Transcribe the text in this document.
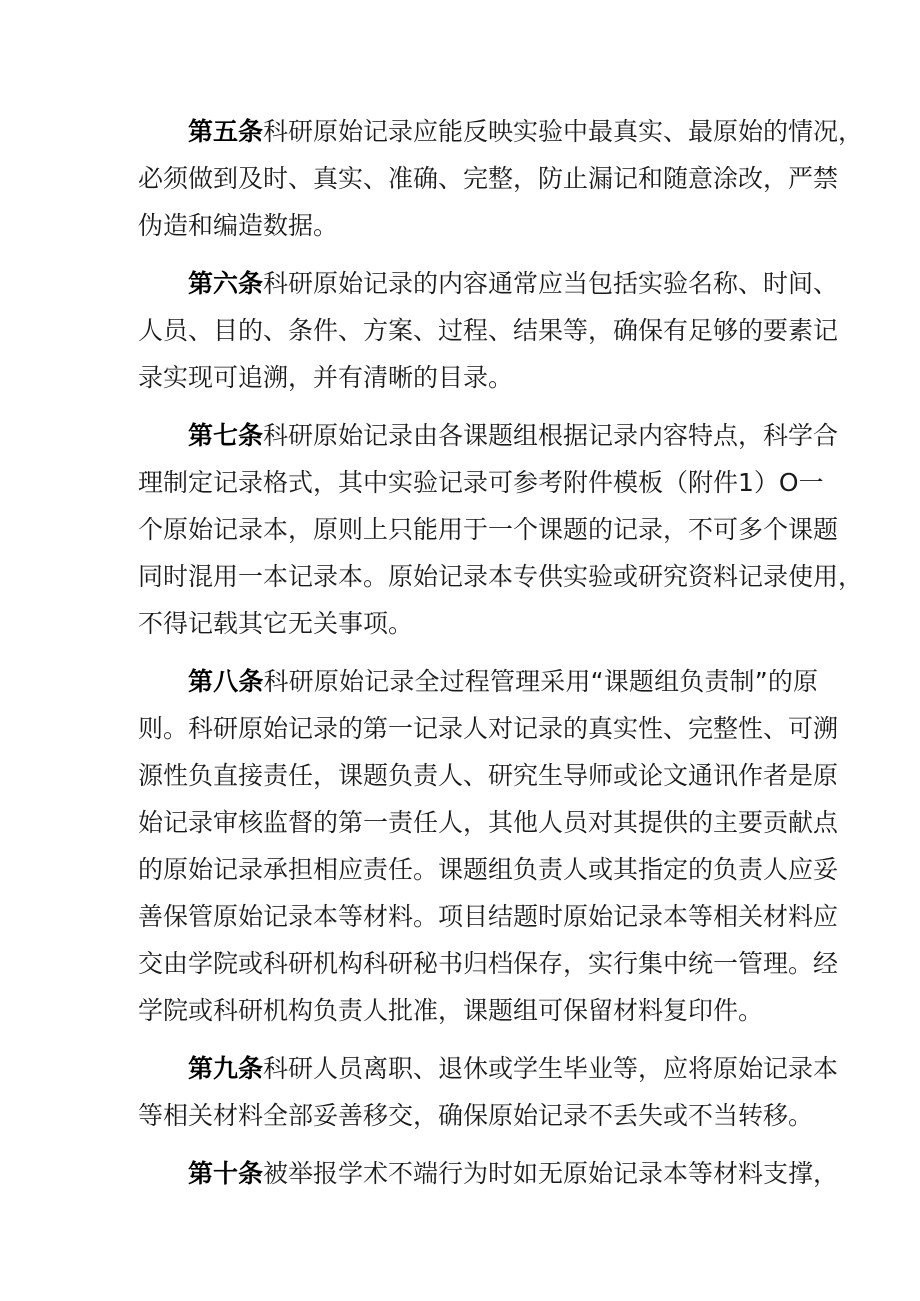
第五条科研原始记录应能反映实验中最真实、最原始的情况，
必须做到及时、真实、准确、完整，防止漏记和随意涂改，严禁
伪造和编造数据。
第六条科研原始记录的内容通常应当包括实验名称、时间、
人员、目的、条件、方案、过程、结果等，确保有足够的要素记
录实现可追溯，并有清晰的目录。
第七条科研原始记录由各课题组根据记录内容特点，科学合
理制定记录格式，其中实验记录可参考附件模板（附件1）O一
个原始记录本，原则上只能用于一个课题的记录，不可多个课题
同时混用一本记录本。原始记录本专供实验或研究资料记录使用，
不得记载其它无关事项。
第八条科研原始记录全过程管理采用“课题组负责制”的原
则。科研原始记录的第一记录人对记录的真实性、完整性、可溯
源性负直接责任，课题负责人、研究生导师或论文通讯作者是原
始记录审核监督的第一责任人，其他人员对其提供的主要贡献点
的原始记录承担相应责任。课题组负责人或其指定的负责人应妥
善保管原始记录本等材料。项目结题时原始记录本等相关材料应
交由学院或科研机构科研秘书归档保存，实行集中统一管理。经
学院或科研机构负责人批准，课题组可保留材料复印件。
第九条科研人员离职、退休或学生毕业等，应将原始记录本
等相关材料全部妥善移交，确保原始记录不丢失或不当转移。
第十条被举报学术不端行为时如无原始记录本等材料支撑，
